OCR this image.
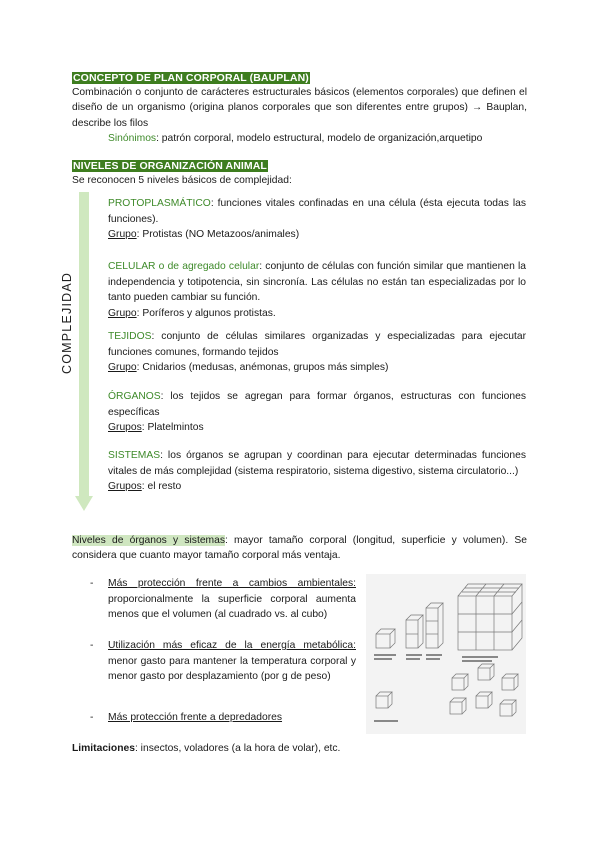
CONCEPTO DE PLAN CORPORAL (BAUPLAN)
Combinación o conjunto de carácteres estructurales básicos (elementos corporales) que definen el diseño de un organismo (origina planos corporales que son diferentes entre grupos) → Bauplan, describe los filos
Sinónimos: patrón corporal, modelo estructural, modelo de organización,arquetipo
NIVELES DE ORGANIZACIÓN ANIMAL
Se reconocen 5 niveles básicos de complejidad:
COMPLEJIDAD
PROTOPLASMÁTICO: funciones vitales confinadas en una célula (ésta ejecuta todas las funciones).
Grupo: Protistas (NO Metazoos/animales)
CELULAR o de agregado celular: conjunto de células con función similar que mantienen la independencia y totipotencia, sin sincronía. Las células no están tan especializadas por lo tanto pueden cambiar su función.
Grupo: Poríferos y algunos protistas.
TEJIDOS: conjunto de células similares organizadas y especializadas para ejecutar funciones comunes, formando tejidos
Grupo: Cnidarios (medusas, anémonas, grupos más simples)
ÓRGANOS: los tejidos se agregan para formar órganos, estructuras con funciones específicas
Grupos: Platelmintos
SISTEMAS: los órganos se agrupan y coordinan para ejecutar determinadas funciones vitales de más complejidad (sistema respiratorio, sistema digestivo, sistema circulatorio...)
Grupos: el resto
Niveles de órganos y sistemas: mayor tamaño corporal (longitud, superficie y volumen). Se considera que cuanto mayor tamaño corporal más ventaja.
- Más protección frente a cambios ambientales: proporcionalmente la superficie corporal aumenta menos que el volumen (al cuadrado vs. al cubo)
- Utilización más eficaz de la energía metabólica: menor gasto para mantener la temperatura corporal y menor gasto por desplazamiento (por g de peso)
- Más protección frente a depredadores
Limitaciones: insectos, voladores (a la hora de volar), etc.
